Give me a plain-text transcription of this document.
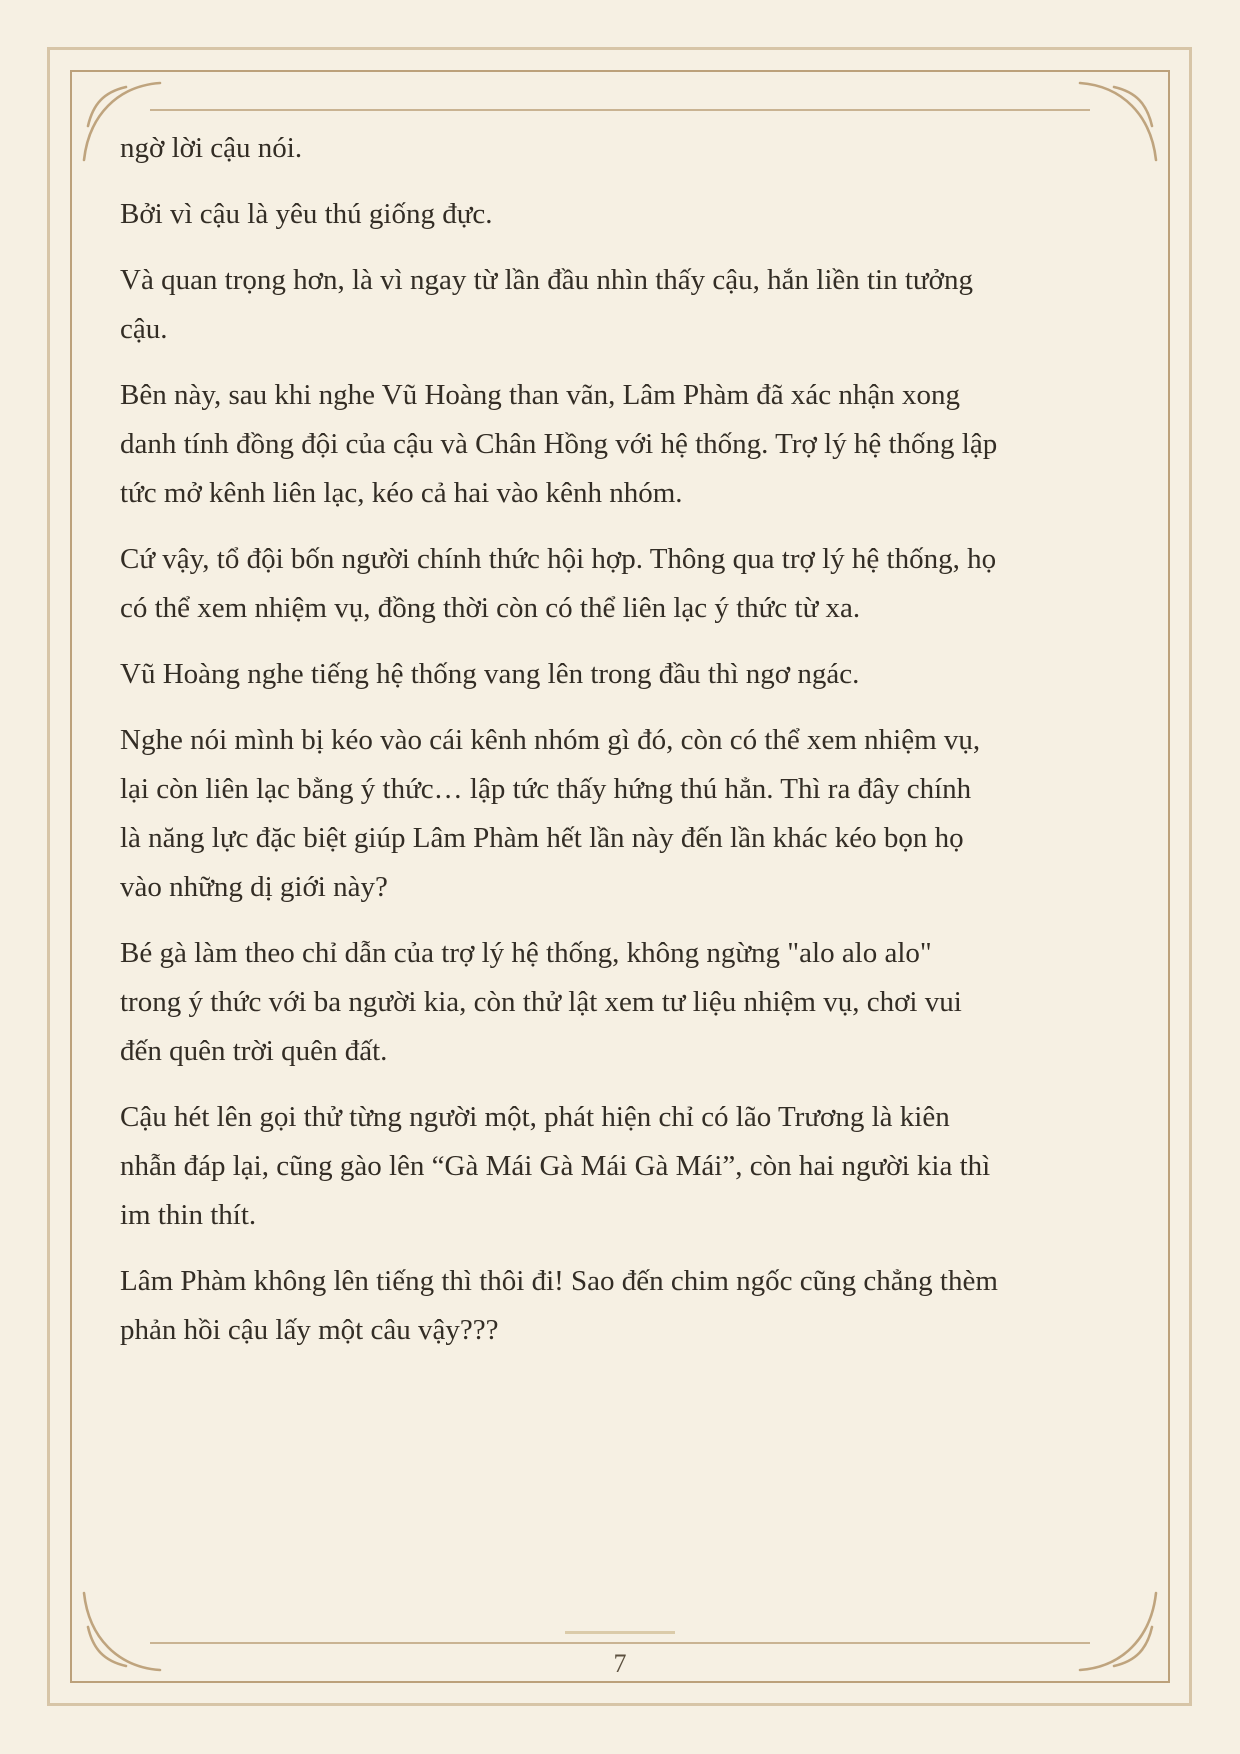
ngờ lời cậu nói.
Bởi vì cậu là yêu thú giống đực.
Và quan trọng hơn, là vì ngay từ lần đầu nhìn thấy cậu, hắn liền tin tưởng
cậu.
Bên này, sau khi nghe Vũ Hoàng than vãn, Lâm Phàm đã xác nhận xong
danh tính đồng đội của cậu và Chân Hồng với hệ thống. Trợ lý hệ thống lập
tức mở kênh liên lạc, kéo cả hai vào kênh nhóm.
Cứ vậy, tổ đội bốn người chính thức hội hợp. Thông qua trợ lý hệ thống, họ
có thể xem nhiệm vụ, đồng thời còn có thể liên lạc ý thức từ xa.
Vũ Hoàng nghe tiếng hệ thống vang lên trong đầu thì ngơ ngác.
Nghe nói mình bị kéo vào cái kênh nhóm gì đó, còn có thể xem nhiệm vụ,
lại còn liên lạc bằng ý thức… lập tức thấy hứng thú hẳn. Thì ra đây chính
là năng lực đặc biệt giúp Lâm Phàm hết lần này đến lần khác kéo bọn họ
vào những dị giới này?
Bé gà làm theo chỉ dẫn của trợ lý hệ thống, không ngừng "alo alo alo"
trong ý thức với ba người kia, còn thử lật xem tư liệu nhiệm vụ, chơi vui
đến quên trời quên đất.
Cậu hét lên gọi thử từng người một, phát hiện chỉ có lão Trương là kiên
nhẫn đáp lại, cũng gào lên “Gà Mái Gà Mái Gà Mái”, còn hai người kia thì
im thin thít.
Lâm Phàm không lên tiếng thì thôi đi! Sao đến chim ngốc cũng chẳng thèm
phản hồi cậu lấy một câu vậy???
7
